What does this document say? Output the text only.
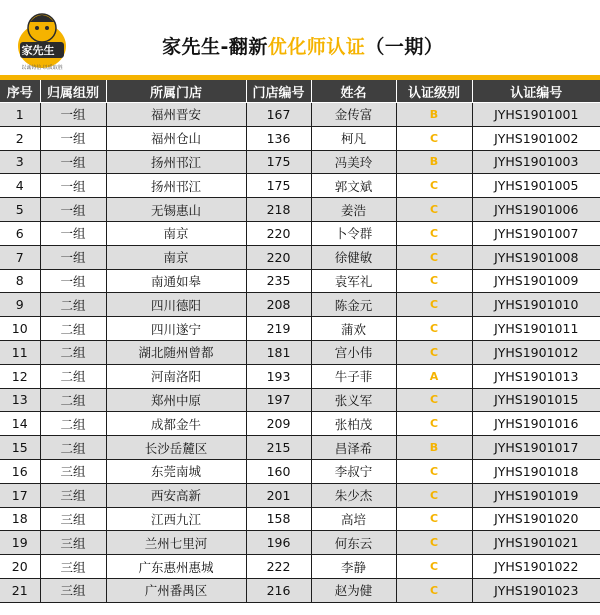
家先生
以诚铸信·以质取胜
家先生-翻新优化师认证（一期）
序号	归属组别	所属门店	门店编号	姓名	认证级别	认证编号
1	一组	福州晋安	167	金传富	B	JYHS1901001
2	一组	福州仓山	136	柯凡	C	JYHS1901002
3	一组	扬州邗江	175	冯美玲	B	JYHS1901003
4	一组	扬州邗江	175	郭文斌	C	JYHS1901005
5	一组	无锡惠山	218	姜浩	C	JYHS1901006
6	一组	南京	220	卜令群	C	JYHS1901007
7	一组	南京	220	徐健敏	C	JYHS1901008
8	一组	南通如皋	235	袁军礼	C	JYHS1901009
9	二组	四川德阳	208	陈金元	C	JYHS1901010
10	二组	四川遂宁	219	蒲欢	C	JYHS1901011
11	二组	湖北随州曾都	181	宫小伟	C	JYHS1901012
12	二组	河南洛阳	193	牛子菲	A	JYHS1901013
13	二组	郑州中原	197	张义军	C	JYHS1901015
14	二组	成都金牛	209	张柏茂	C	JYHS1901016
15	二组	长沙岳麓区	215	昌泽希	B	JYHS1901017
16	三组	东莞南城	160	李叔宁	C	JYHS1901018
17	三组	西安高新	201	朱少杰	C	JYHS1901019
18	三组	江西九江	158	高培	C	JYHS1901020
19	三组	兰州七里河	196	何东云	C	JYHS1901021
20	三组	广东惠州惠城	222	李静	C	JYHS1901022
21	三组	广州番禺区	216	赵为健	C	JYHS1901023
